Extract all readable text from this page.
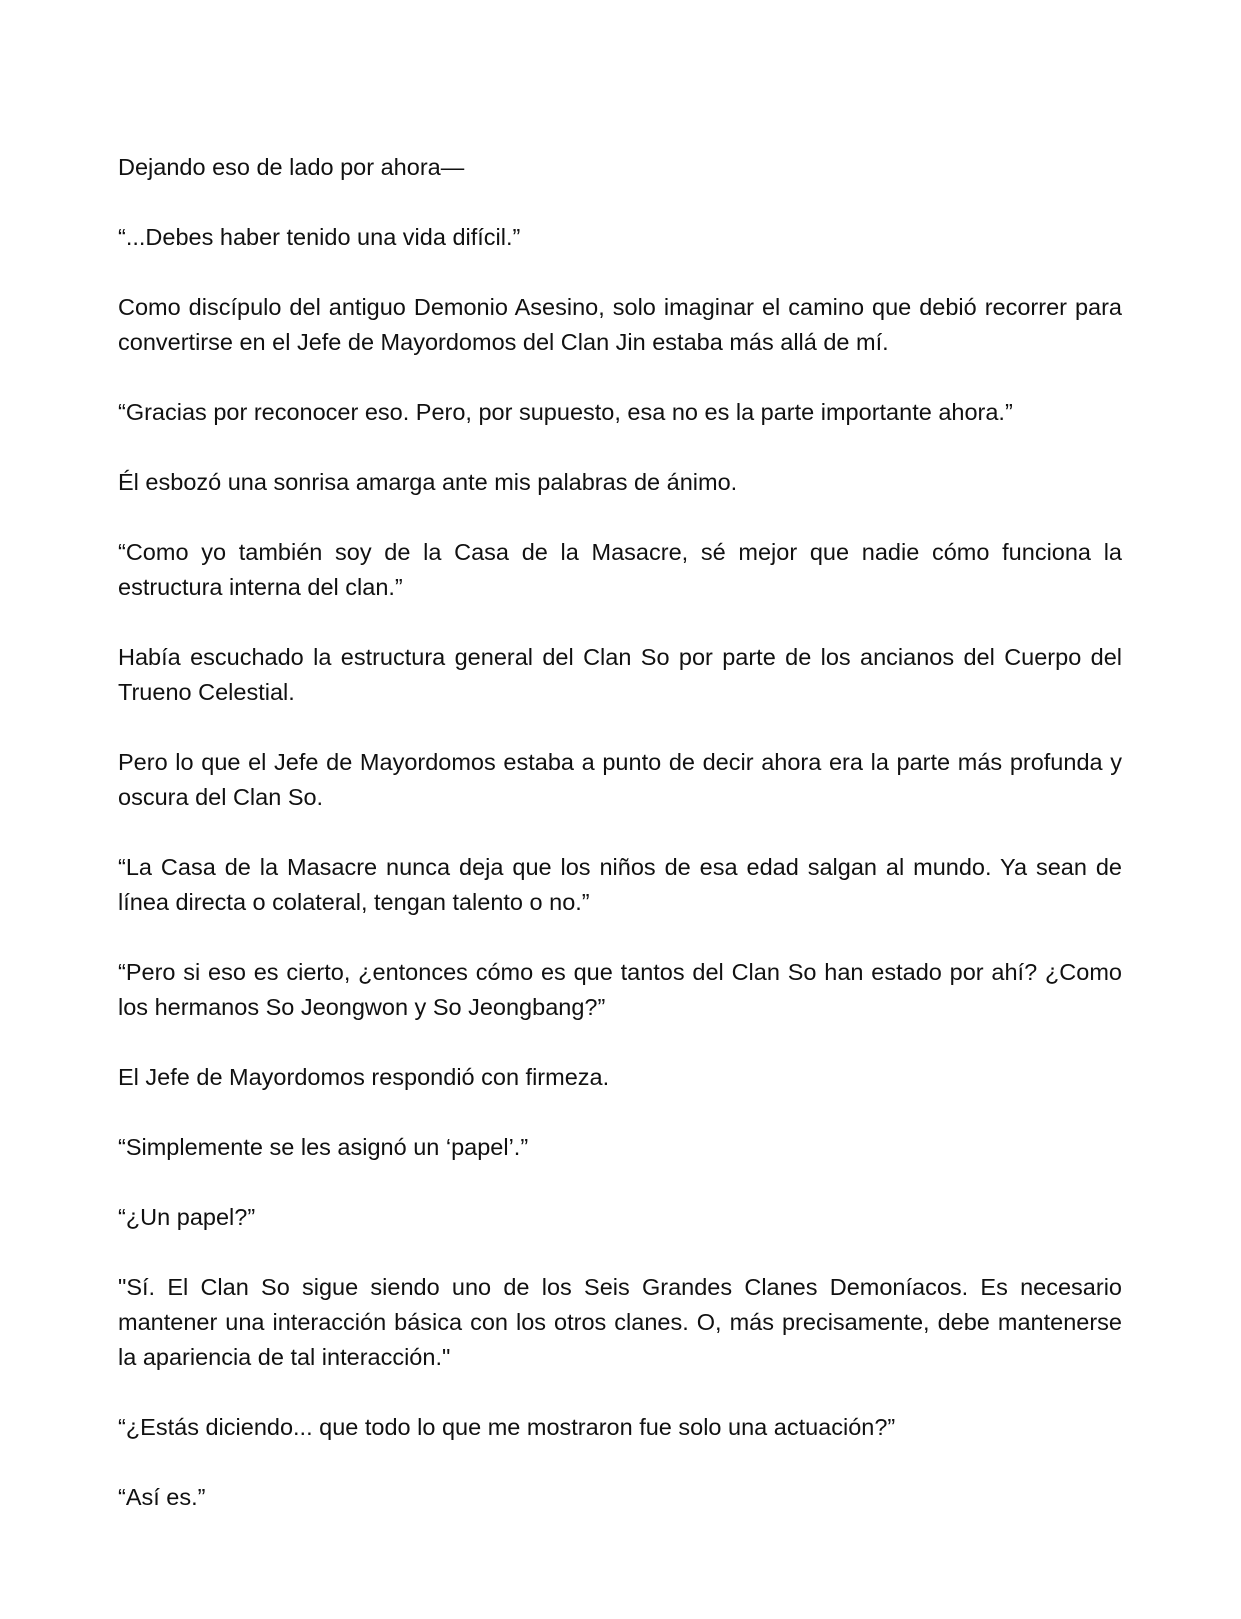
Dejando eso de lado por ahora—

“...Debes haber tenido una vida difícil.”

Como discípulo del antiguo Demonio Asesino, solo imaginar el camino que debió recorrer para convertirse en el Jefe de Mayordomos del Clan Jin estaba más allá de mí.

“Gracias por reconocer eso. Pero, por supuesto, esa no es la parte importante ahora.”

Él esbozó una sonrisa amarga ante mis palabras de ánimo.

“Como yo también soy de la Casa de la Masacre, sé mejor que nadie cómo funciona la estructura interna del clan.”

Había escuchado la estructura general del Clan So por parte de los ancianos del Cuerpo del Trueno Celestial.

Pero lo que el Jefe de Mayordomos estaba a punto de decir ahora era la parte más profunda y oscura del Clan So.

“La Casa de la Masacre nunca deja que los niños de esa edad salgan al mundo. Ya sean de línea directa o colateral, tengan talento o no.”

“Pero si eso es cierto, ¿entonces cómo es que tantos del Clan So han estado por ahí? ¿Como los hermanos So Jeongwon y So Jeongbang?”

El Jefe de Mayordomos respondió con firmeza.

“Simplemente se les asignó un ‘papel’.”

“¿Un papel?”

"Sí. El Clan So sigue siendo uno de los Seis Grandes Clanes Demoníacos. Es necesario mantener una interacción básica con los otros clanes. O, más precisamente, debe mantenerse la apariencia de tal interacción."

“¿Estás diciendo... que todo lo que me mostraron fue solo una actuación?”

“Así es.”
